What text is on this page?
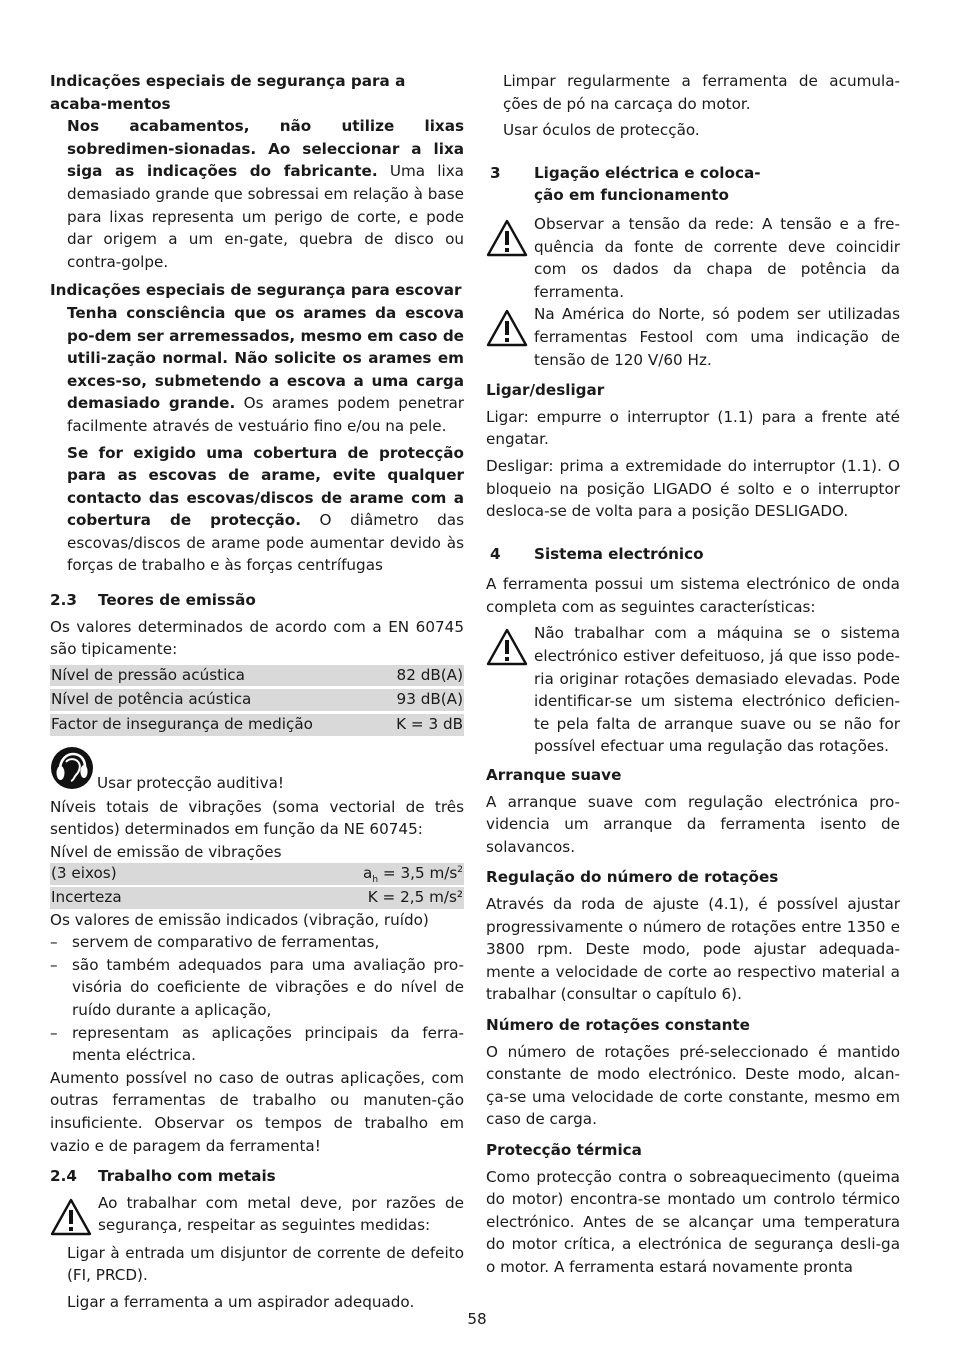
Indicações especiais de segurança para a acaba-mentos

Nos acabamentos, não utilize lixas sobredimen-sionadas. Ao seleccionar a lixa siga as indicações do fabricante. Uma lixa demasiado grande que sobressai em relação à base para lixas representa um perigo de corte, e pode dar origem a um en-gate, quebra de disco ou contra-golpe.

Indicações especiais de segurança para escovar

Tenha consciência que os arames da escova po-dem ser arremessados, mesmo em caso de utili-zação normal. Não solicite os arames em exces-so, submetendo a escova a uma carga demasiado grande. Os arames podem penetrar facilmente através de vestuário fino e/ou na pele.

Se for exigido uma cobertura de protecção para as escovas de arame, evite qualquer contacto das escovas/discos de arame com a cobertura de protecção. O diâmetro das escovas/discos de arame pode aumentar devido às forças de trabalho e às forças centrífugas

2.3	Teores de emissão

Os valores determinados de acordo com a EN 60745 são tipicamente:

Nível de pressão acústica	82 dB(A)
Nível de potência acústica	93 dB(A)
Factor de insegurança de medição	K = 3 dB
Usar protecção auditiva!

Níveis totais de vibrações (soma vectorial de três sentidos) determinados em função da NE 60745:

Nível de emissão de vibrações

(3 eixos)	$a_h = 3,5$ $m/s^2$
Incerteza	K = 2,5 m/s²

Os valores de emissão indicados (vibração, ruído)

– servem de comparativo de ferramentas,
– são também adequados para uma avaliação pro-visória do coeficiente de vibrações e do nível de ruído durante a aplicação,
– representam as aplicações principais da ferra-menta eléctrica.

Aumento possível no caso de outras aplicações, com outras ferramentas de trabalho ou manuten-ção insuficiente. Observar os tempos de trabalho em vazio e de paragem da ferramenta!

2.4	Trabalho com metais
Ao trabalhar com metal deve, por razões de segurança, respeitar as seguintes medidas:

Ligar à entrada um disjuntor de corrente de defeito (FI, PRCD).

Ligar a ferramenta a um aspirador adequado.

Limpar regularmente a ferramenta de acumula-ções de pó na carcaça do motor.

Usar óculos de protecção.

3	Ligação eléctrica e coloca-
ção em funcionamento
Observar a tensão da rede: A tensão e a fre-quência da fonte de corrente deve coincidir com os dados da chapa de potência da ferramenta.
Na América do Norte, só podem ser utilizadas ferramentas Festool com uma indicação de tensão de 120 V/60 Hz.
Ligar/desligar

Ligar: empurre o interruptor (1.1) para a frente até engatar.

Desligar: prima a extremidade do interruptor (1.1). O bloqueio na posição LIGADO é solto e o interruptor desloca-se de volta para a posição DESLIGADO.

4	Sistema electrónico

A ferramenta possui um sistema electrónico de onda completa com as seguintes características:

Não trabalhar com a máquina se o sistema electrónico estiver defeituoso, já que isso pode-ria originar rotações demasiado elevadas. Pode identificar-se um sistema electrónico deficien-te pela falta de arranque suave ou se não for possível efectuar uma regulação das rotações.
Arranque suave

A arranque suave com regulação electrónica pro-videncia um arranque da ferramenta isento de solavancos.

Regulação do número de rotações

Através da roda de ajuste (4.1), é possível ajustar progressivamente o número de rotações entre 1350 e 3800 rpm. Deste modo, pode ajustar adequada-mente a velocidade de corte ao respectivo material a trabalhar (consultar o capítulo 6).

Número de rotações constante

O número de rotações pré-seleccionado é mantido constante de modo electrónico. Deste modo, alcan-ça-se uma velocidade de corte constante, mesmo em caso de carga.

Protecção térmica

Como protecção contra o sobreaquecimento (queima do motor) encontra-se montado um controlo térmico electrónico. Antes de se alcançar uma temperatura do motor crítica, a electrónica de segurança desli-ga o motor. A ferramenta estará novamente pronta

58
